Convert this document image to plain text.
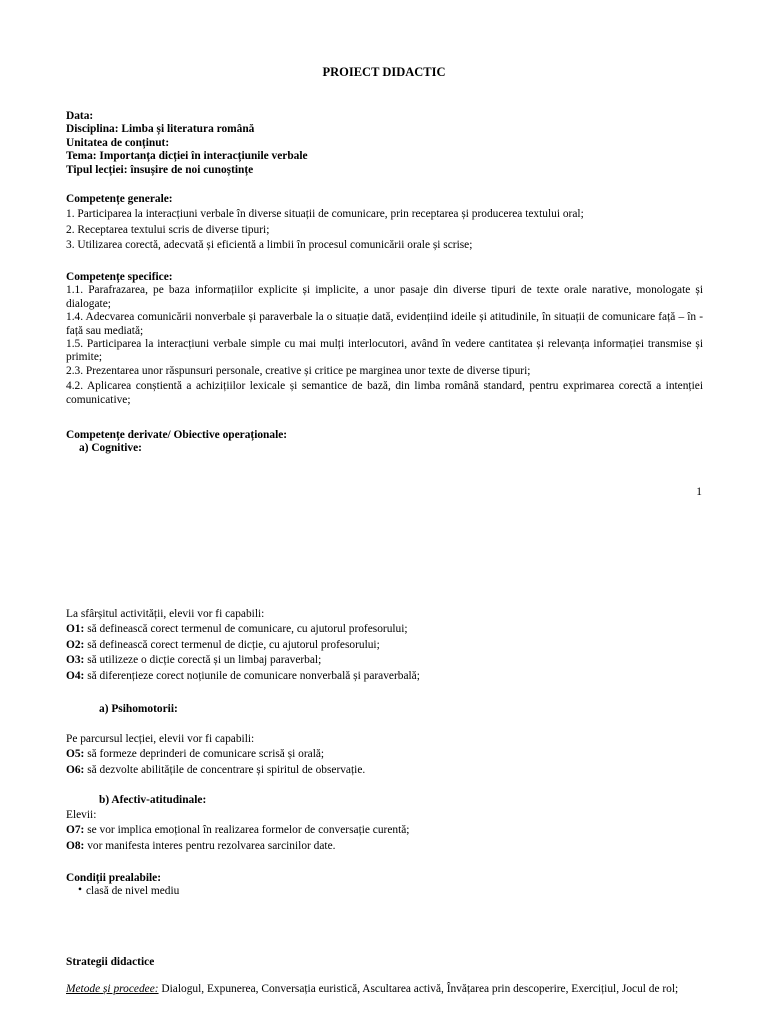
PROIECT DIDACTIC
Data:
Disciplina: Limba și literatura română
Unitatea de conținut:
Tema: Importanța dicției în interacțiunile verbale
Tipul lecției: însușire de noi cunoștințe
Competențe generale:
1. Participarea la interacțiuni verbale în diverse situații de comunicare, prin receptarea și producerea textului oral;
2. Receptarea textului scris de diverse tipuri;
3. Utilizarea corectă, adecvată și eficientă a limbii în procesul comunicării orale și scrise;
Competențe specifice:
1.1. Parafrazarea, pe baza informațiilor explicite și implicite, a unor pasaje din diverse tipuri de texte orale narative, monologate și dialogate;
1.4. Adecvarea comunicării nonverbale și paraverbale la o situație dată, evidențiind ideile și atitudinile, în situații de comunicare față – în - față sau mediată;
1.5. Participarea la interacțiuni verbale simple cu mai mulți interlocutori, având în vedere cantitatea și relevanța informației transmise și primite;
2.3. Prezentarea unor răspunsuri personale, creative și critice pe marginea unor texte de diverse tipuri;
4.2. Aplicarea conștientă a achizițiilor lexicale și semantice de bază, din limba română standard, pentru exprimarea corectă a intenției comunicative;
Competențe derivate/ Obiective operaționale:
a) Cognitive:
1
La sfârșitul activității, elevii vor fi capabili:
O1: să definească corect termenul de comunicare, cu ajutorul profesorului;
O2: să definească corect termenul de dicție, cu ajutorul profesorului;
O3: să utilizeze o dicție corectă și un limbaj paraverbal;
O4: să diferențieze corect noțiunile de comunicare nonverbală și paraverbală;
a) Psihomotorii:
Pe parcursul lecției, elevii vor fi capabili:
O5: să formeze deprinderi de comunicare scrisă și orală;
O6: să dezvolte abilitățile de concentrare și spiritul de observație.
b) Afectiv-atitudinale:
Elevii:
O7: se vor implica emoțional în realizarea formelor de conversație curentă;
O8: vor manifesta interes pentru rezolvarea sarcinilor date.
Condiții prealabile:
• clasă de nivel mediu
Strategii didactice
Metode și procedee: Dialogul, Expunerea, Conversația euristică, Ascultarea activă, Învățarea prin descoperire, Exercițiul, Jocul de rol;
